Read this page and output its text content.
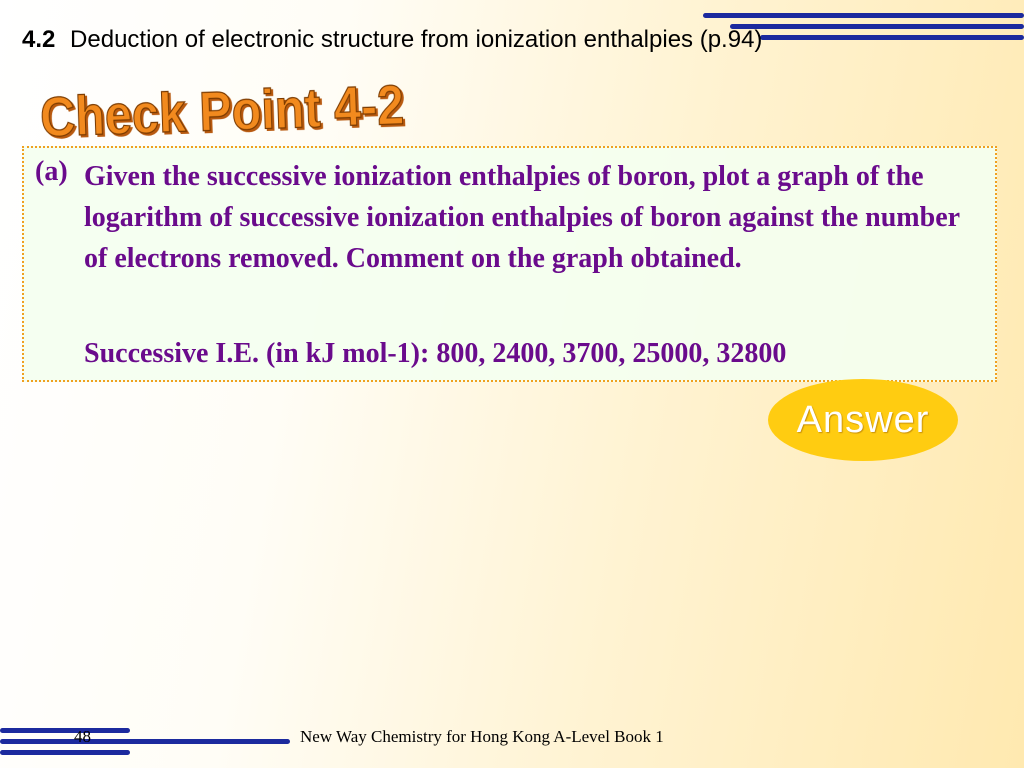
4.2 Deduction of electronic structure from ionization enthalpies (p.94)
Check Point 4-2
(a) Given the successive ionization enthalpies of boron, plot a graph of the logarithm of successive ionization enthalpies of boron against the number of electrons removed. Comment on the graph obtained.

Successive I.E. (in kJ mol-1): 800, 2400, 3700, 25000, 32800

Answer
48	New Way Chemistry for Hong Kong A-Level Book 1
